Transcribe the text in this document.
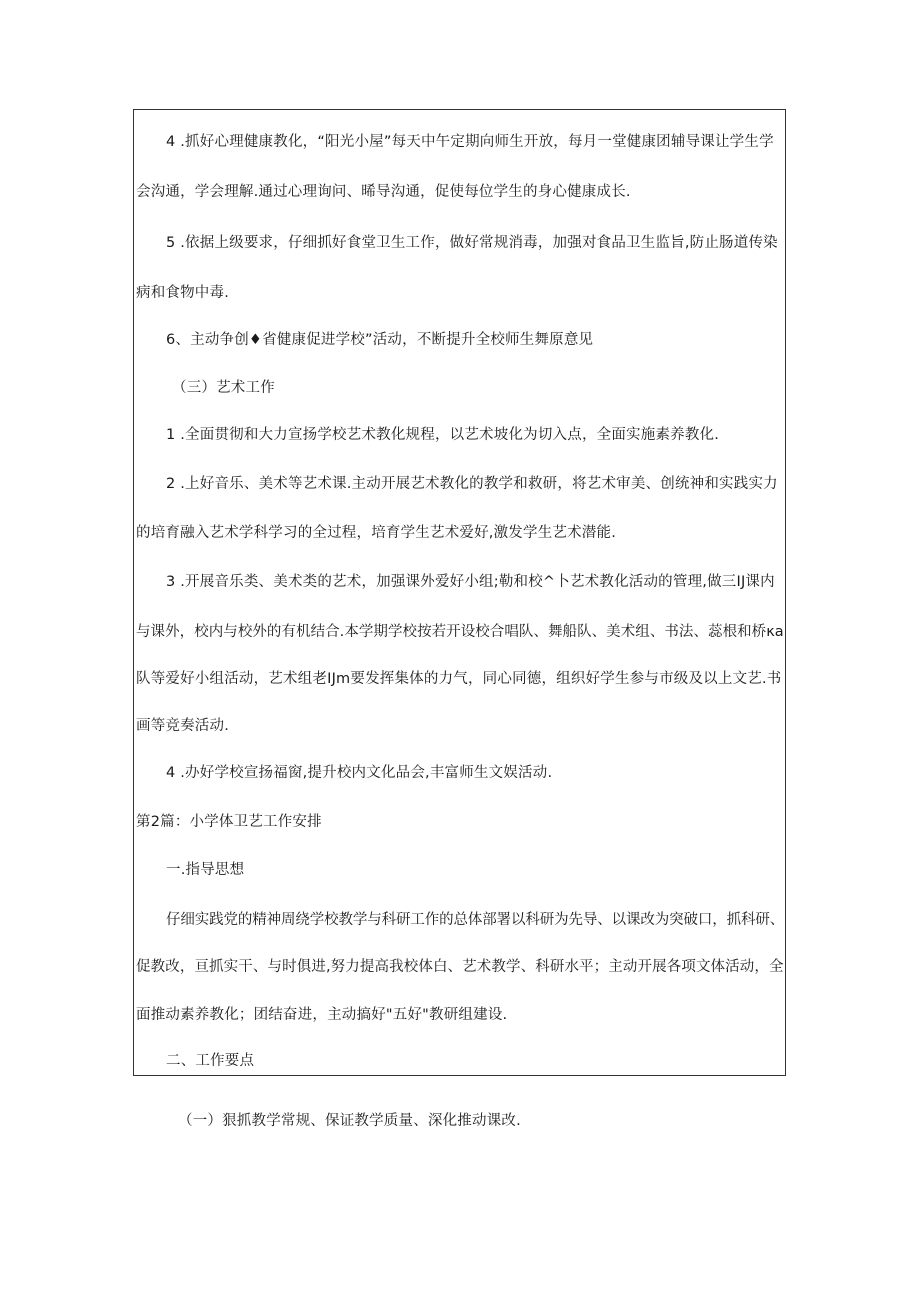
4 .抓好心理健康教化，“阳光小屋”每天中午定期向师生开放，每月一堂健康团辅导课让学生学
会沟通，学会理解.通过心理询问、晞导沟通，促使每位学生的身心健康成长.
5 .依据上级要求，仔细抓好食堂卫生工作，做好常规消毒，加强对食品卫生监旨,防止肠道传染
病和食物中毒.
6、主动争创♦省健康促进学校”活动，不断提升全校师生舞原意见
（三）艺术工作
1 .全面贯彻和大力宣扬学校艺术教化规程，以艺术坡化为切入点，全面实施素养教化.
2 .上好音乐、美术等艺术课.主动开展艺术教化的教学和救研，将艺术审美、创统神和实践实力
的培育融入艺术学科学习的全过程，培育学生艺术爱好,激发学生艺术潜能.
3 .开展音乐类、美术类的艺术，加强课外爱好小组;勒和校^卜艺术教化活动的管理,做三IJ课内
与课外，校内与校外的有机结合.本学期学校按若开设校合唱队、舞船队、美术组、书法、蕊根和桥κa
队等爱好小组活动，艺术组老IJm要发挥集体的力气，同心同德，组织好学生参与市级及以上文艺.书
画等竞奏活动.
4 .办好学校宣扬福窗,提升校内文化品会,丰富师生文娱活动.
第2篇：小学体卫艺工作安排
一.指导思想
仔细实践党的精神周绕学校教学与科研工作的总体部署以科研为先导、以课改为突破口，抓科研、
促教改，亘抓实干、与时俱进,努力提高我校体白、艺术教学、科研水平；主动开展各项文体活动，全
面推动素养教化；团结奋进，主动搞好"五好"教研组建设.
二、工作要点
（一）狠抓教学常规、保证教学质量、深化推动课改.
